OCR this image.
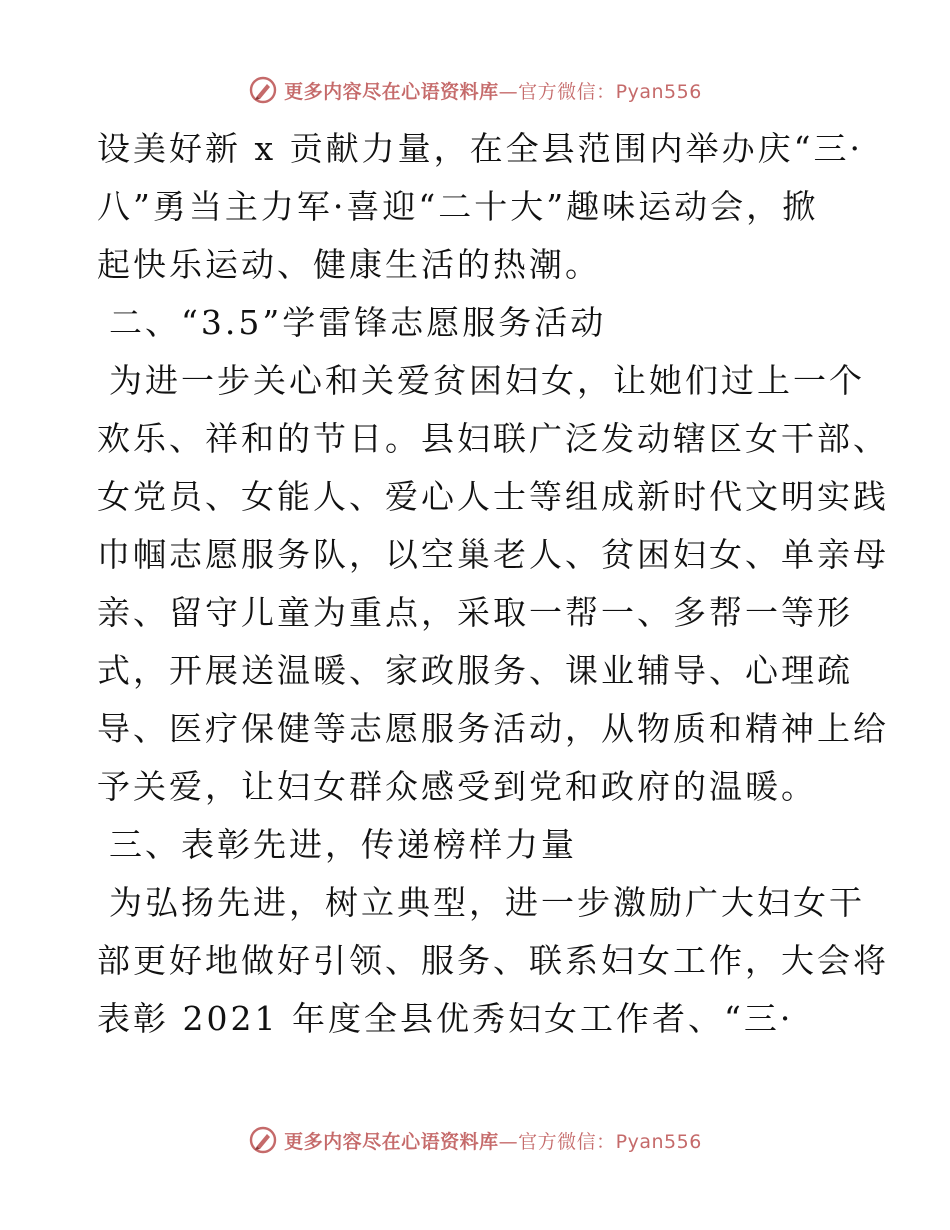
更多内容尽在心语资料库—官方微信：Pyan556
设美好新 x 贡献力量，在全县范围内举办庆“三·
八”勇当主力军·喜迎“二十大”趣味运动会，掀
起快乐运动、健康生活的热潮。
二、“3.5”学雷锋志愿服务活动
为进一步关心和关爱贫困妇女，让她们过上一个
欢乐、祥和的节日。县妇联广泛发动辖区女干部、
女党员、女能人、爱心人士等组成新时代文明实践
巾帼志愿服务队，以空巢老人、贫困妇女、单亲母
亲、留守儿童为重点，采取一帮一、多帮一等形
式，开展送温暖、家政服务、课业辅导、心理疏
导、医疗保健等志愿服务活动，从物质和精神上给
予关爱，让妇女群众感受到党和政府的温暖。
三、表彰先进，传递榜样力量
为弘扬先进，树立典型，进一步激励广大妇女干
部更好地做好引领、服务、联系妇女工作，大会将
表彰 2021 年度全县优秀妇女工作者、“三·
更多内容尽在心语资料库—官方微信：Pyan556
